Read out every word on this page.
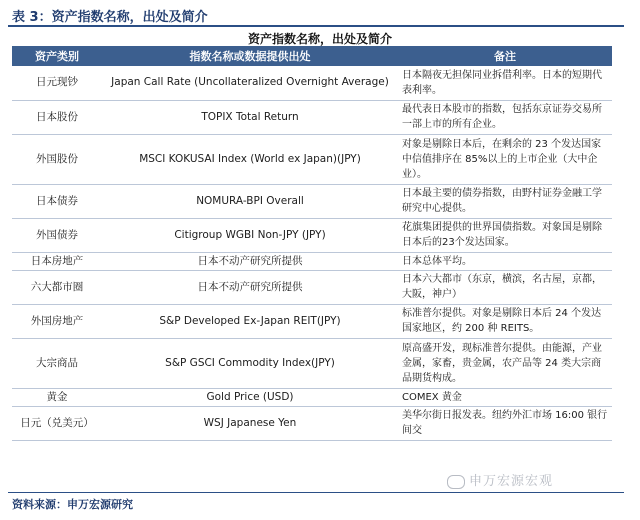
表 3：资产指数名称，出处及简介
资产指数名称，出处及简介
资产类别	指数名称或数据提供出处	备注
日元现钞	Japan Call Rate (Uncollateralized Overnight Average)	日本隔夜无担保同业拆借利率。日本的短期代表利率。
日本股份	TOPIX Total Return	最代表日本股市的指数，包括东京证券交易所一部上市的所有企业。
外国股份	MSCI KOKUSAI Index (World ex Japan)(JPY)	对象是剔除日本后，在剩余的 23 个发达国家中信值排序在 85%以上的上市企业（大中企业）。
日本债券	NOMURA-BPI Overall	日本最主要的债券指数，由野村证券金融工学研究中心提供。
外国债券	Citigroup WGBI Non-JPY (JPY)	花旗集团提供的世界国债指数。对象国是剔除日本后的23个发达国家。
日本房地产	日本不动产研究所提供	日本总体平均。
六大都市圈	日本不动产研究所提供	日本六大都市（东京，横滨，名古屋，京都，大阪，神户）
外国房地产	S&P Developed Ex-Japan REIT(JPY)	标准普尔提供。对象是剔除日本后 24 个发达国家地区，约 200 种 REITS。
大宗商品	S&P GSCI Commodity Index(JPY)	原高盛开发，现标准普尔提供。由能源，产业金属，家畜，贵金属，农产品等 24 类大宗商品期货构成。
黄金	Gold Price (USD)	COMEX 黄金
日元（兑美元）	WSJ Japanese Yen	美华尔街日报发表。纽约外汇市场 16:00 银行间交
资料来源：申万宏源研究
申万宏源宏观
